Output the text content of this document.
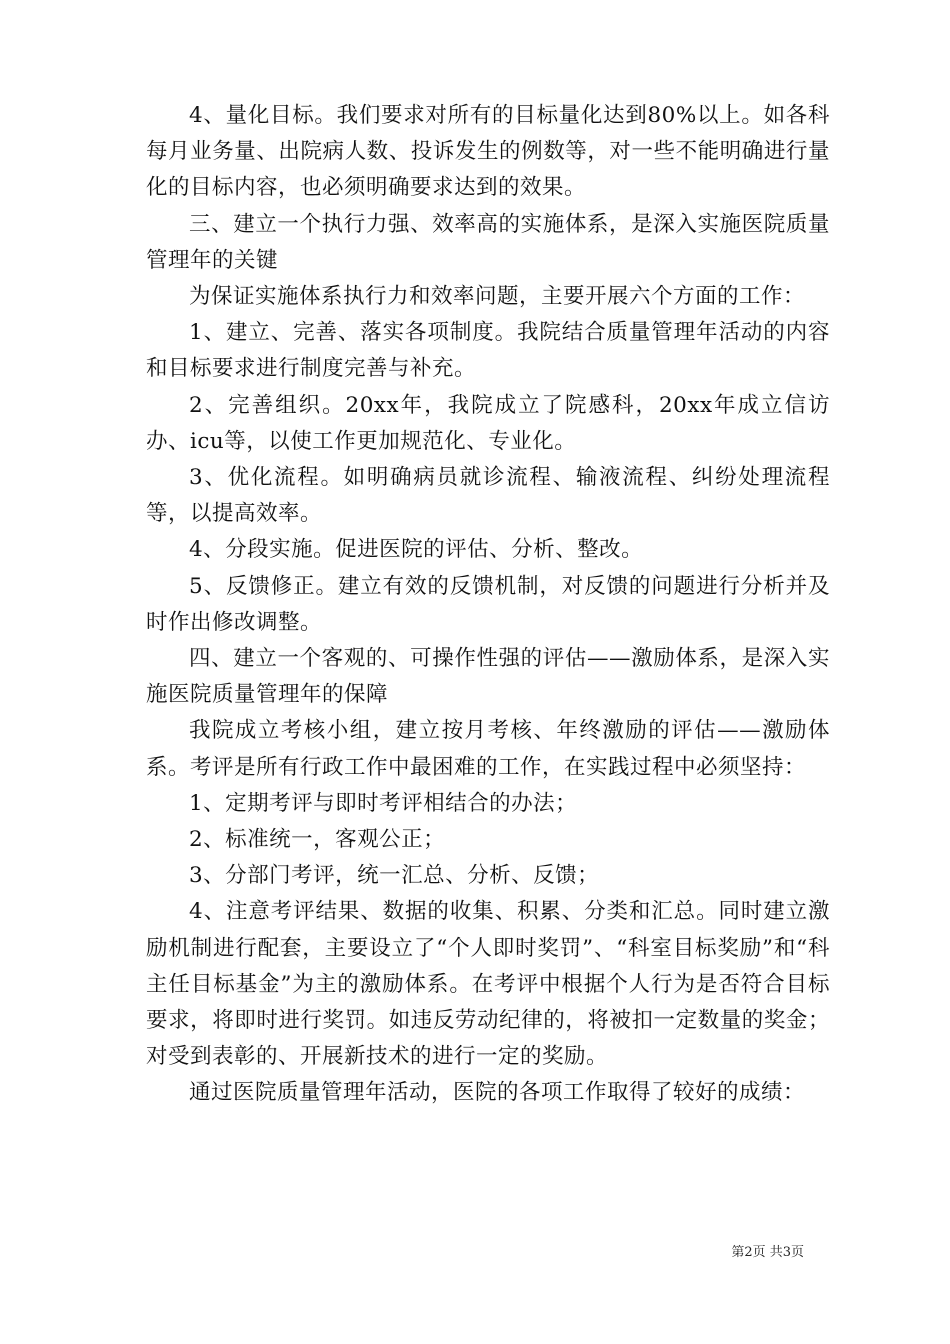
4、量化目标。我们要求对所有的目标量化达到80%以上。如各科每月业务量、出院病人数、投诉发生的例数等，对一些不能明确进行量化的目标内容，也必须明确要求达到的效果。

三、建立一个执行力强、效率高的实施体系，是深入实施医院质量管理年的关键

为保证实施体系执行力和效率问题，主要开展六个方面的工作：

1、建立、完善、落实各项制度。我院结合质量管理年活动的内容和目标要求进行制度完善与补充。

2、完善组织。20xx年，我院成立了院感科，20xx年成立信访办、icu等，以使工作更加规范化、专业化。

3、优化流程。如明确病员就诊流程、输液流程、纠纷处理流程等，以提高效率。

4、分段实施。促进医院的评估、分析、整改。

5、反馈修正。建立有效的反馈机制，对反馈的问题进行分析并及时作出修改调整。

四、建立一个客观的、可操作性强的评估——激励体系，是深入实施医院质量管理年的保障

我院成立考核小组，建立按月考核、年终激励的评估——激励体系。考评是所有行政工作中最困难的工作，在实践过程中必须坚持：

1、定期考评与即时考评相结合的办法；

2、标准统一，客观公正；

3、分部门考评，统一汇总、分析、反馈；

4、注意考评结果、数据的收集、积累、分类和汇总。同时建立激励机制进行配套，主要设立了“个人即时奖罚”、“科室目标奖励”和“科主任目标基金”为主的激励体系。在考评中根据个人行为是否符合目标要求，将即时进行奖罚。如违反劳动纪律的，将被扣一定数量的奖金；对受到表彰的、开展新技术的进行一定的奖励。

通过医院质量管理年活动，医院的各项工作取得了较好的成绩：

第2页 共3页
